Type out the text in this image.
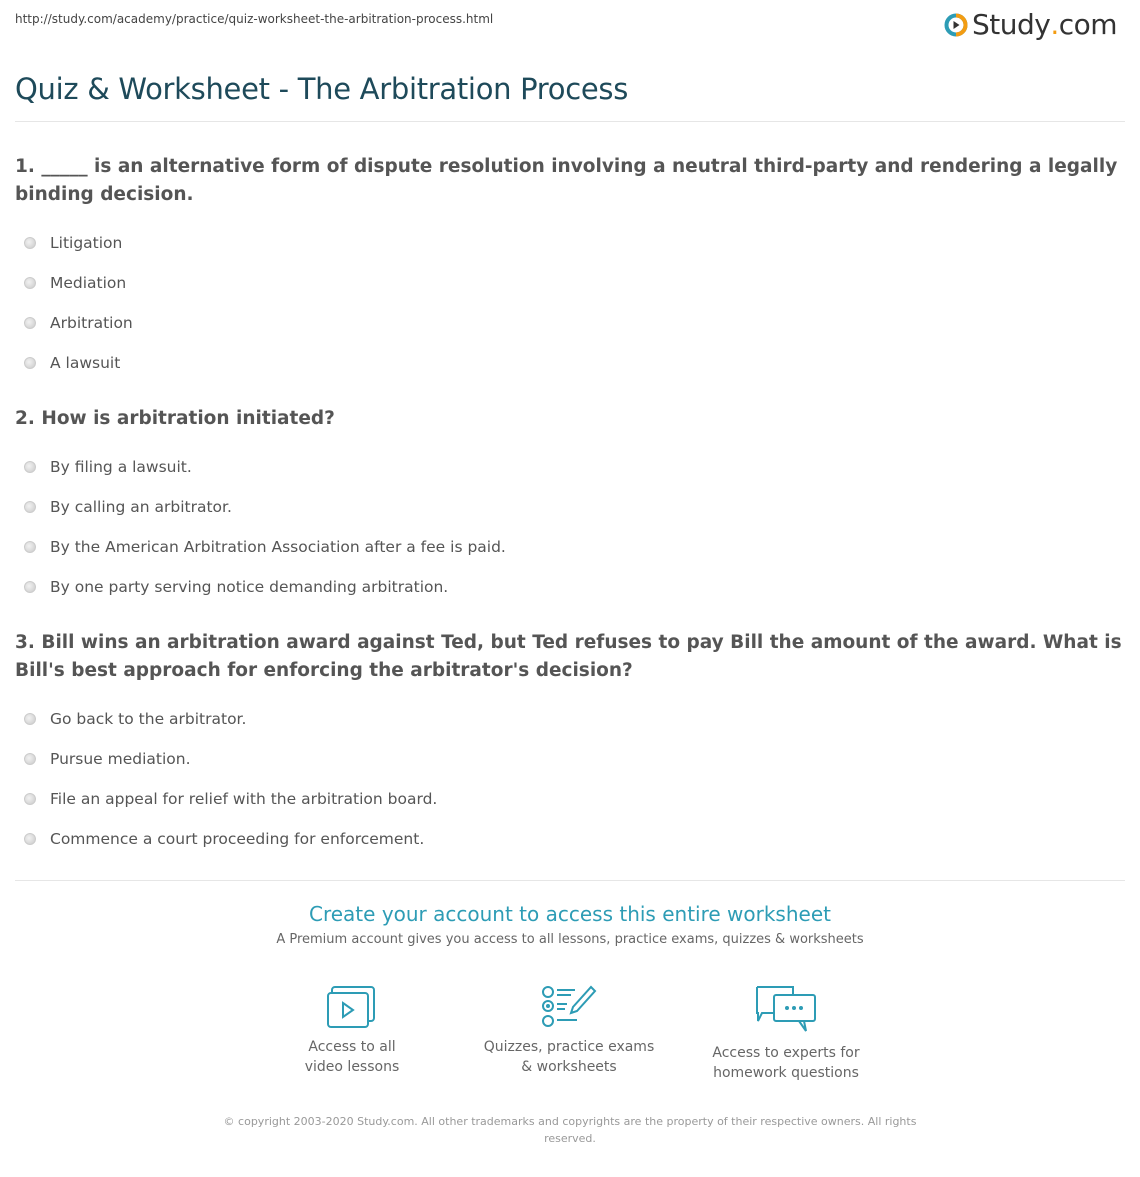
http://study.com/academy/practice/quiz-worksheet-the-arbitration-process.html	Study . com
Quiz & Worksheet - The Arbitration Process

1. _____ is an alternative form of dispute resolution involving a neutral third-party and rendering a legally binding decision.

Litigation
Mediation
Arbitration
A lawsuit

2. How is arbitration initiated?

By filing a lawsuit.
By calling an arbitrator.
By the American Arbitration Association after a fee is paid.
By one party serving notice demanding arbitration.

3. Bill wins an arbitration award against Ted, but Ted refuses to pay Bill the amount of the award. What is Bill's best approach for enforcing the arbitrator's decision?

Go back to the arbitrator.
Pursue mediation.
File an appeal for relief with the arbitration board.
Commence a court proceeding for enforcement.
Create your account to access this entire worksheet
A Premium account gives you access to all lessons, practice exams, quizzes & worksheets
Access to all
video lessons
Quizzes, practice exams
& worksheets
Access to experts for
homework questions
© copyright 2003-2020 Study.com. All other trademarks and copyrights are the property of their respective owners. All rights reserved.
